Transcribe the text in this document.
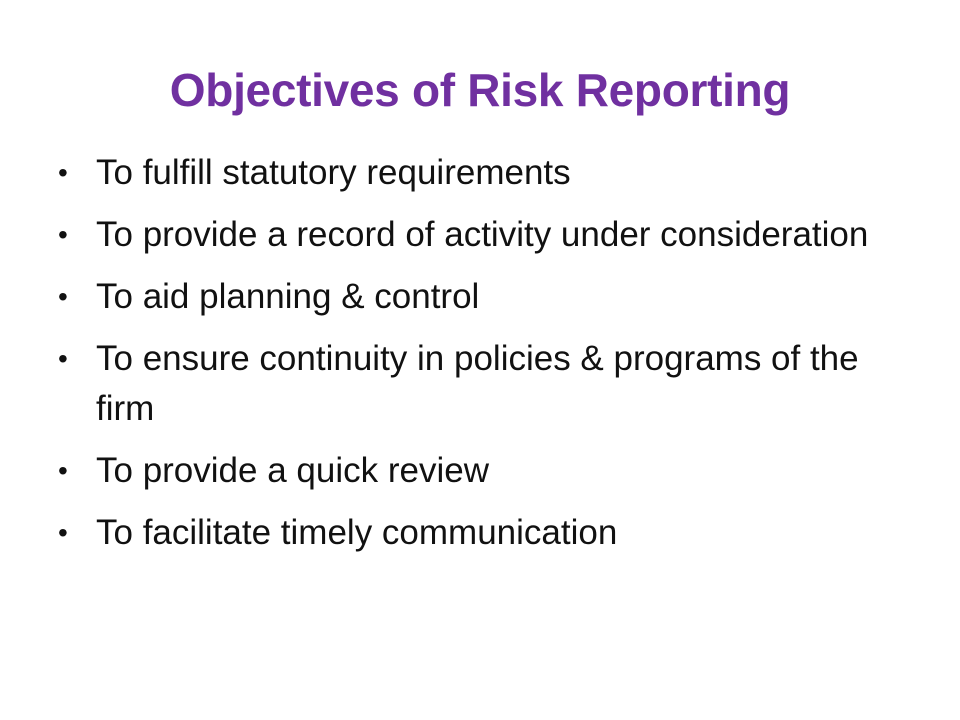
Objectives of Risk Reporting
• To fulfill statutory requirements
• To provide a record of activity under consideration
• To aid planning & control
• To ensure continuity in policies & programs of the firm
• To provide a quick review
• To facilitate timely communication
